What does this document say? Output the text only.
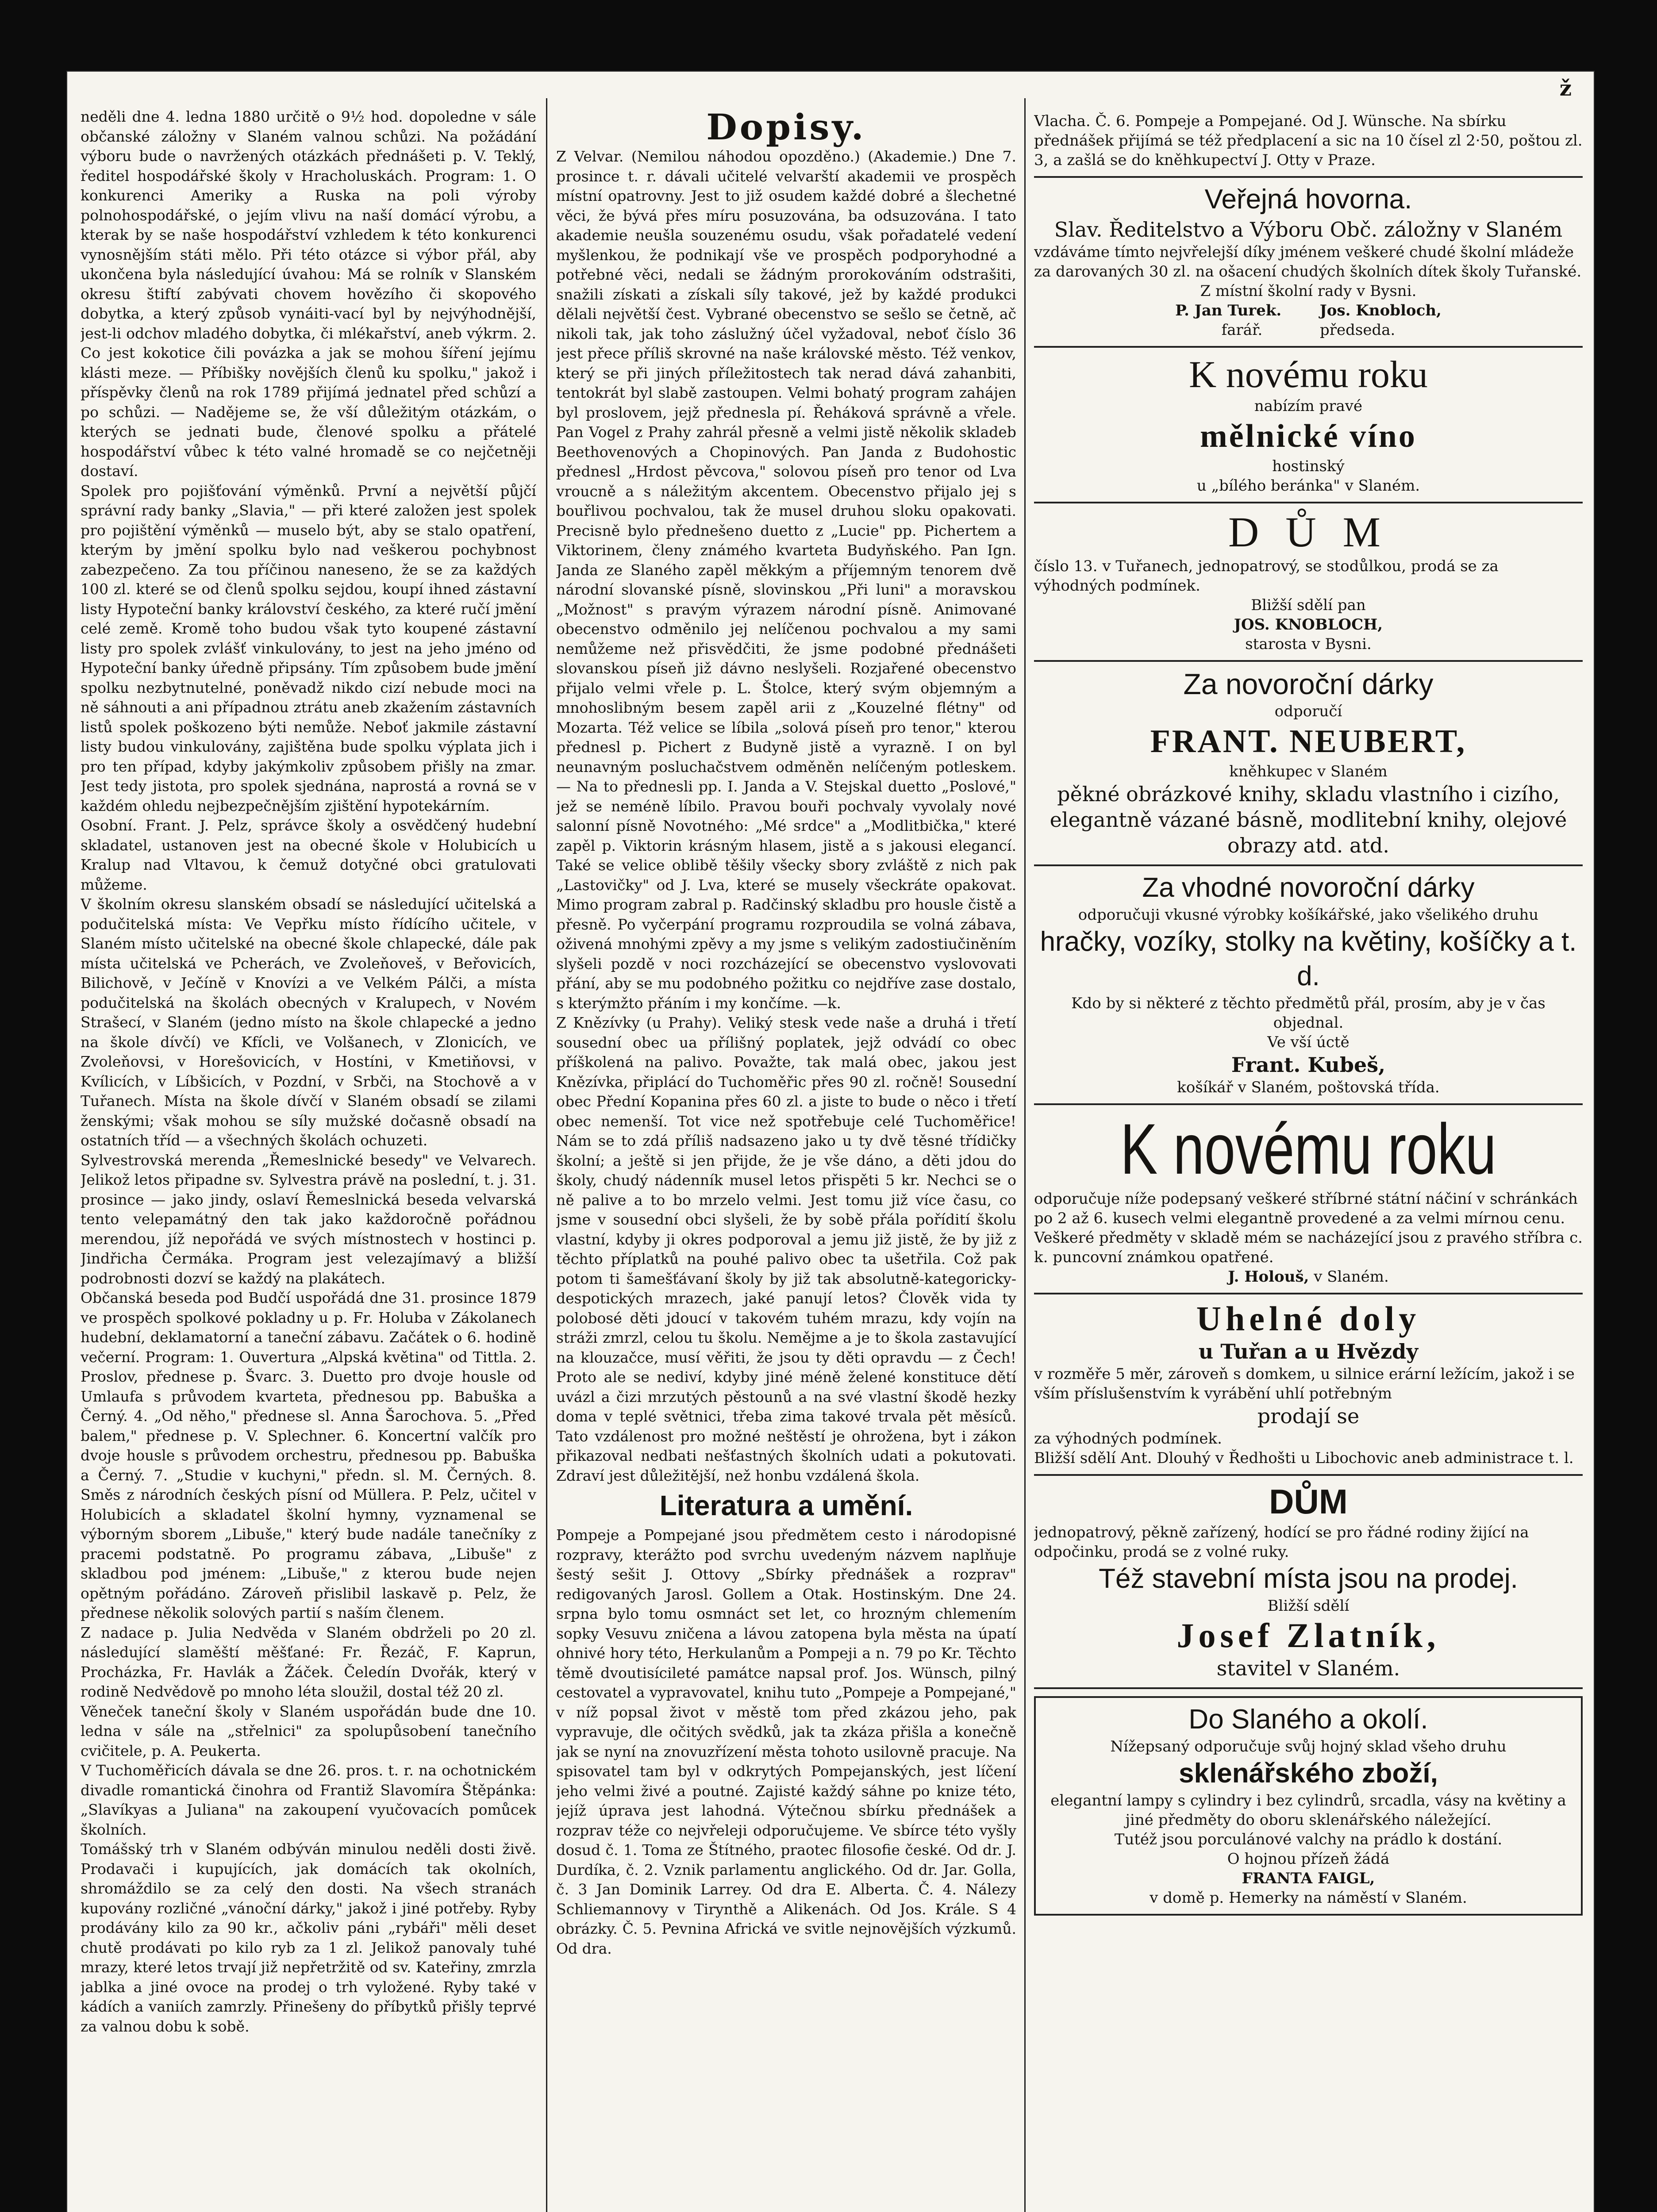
ž

neděli dne 4. ledna 1880 určitě o 9½ hod. dopoledne v sále občanské záložny v Slaném valnou schůzi. Na požádání výboru bude o navržených otázkách přednášeti p. V. Teklý, ředitel hospodářské školy v Hracholuskách. Program: 1. O konkurenci Ameriky a Ruska na poli výroby polnohospodářské, o jejím vlivu na naší domácí výrobu, a kterak by se naše hospodářství vzhledem k této konkurenci vynosnějším státi mělo. Při této otázce si výbor přál, aby ukončena byla následující úvahou: Má se rolník v Slanském okresu štiftí zabývati chovem hovězího či skopového dobytka, a který způsob vynáiti-vací byl by nejvýhodnější, jest-li odchov mladého dobytka, či mlékařství, aneb výkrm. 2. Co jest kokotice čili povázka a jak se mohou šíření jejímu klásti meze. — Příbišky novějších členů ku spolku," jakož i příspěvky členů na rok 1789 přijímá jednatel před schůzí a po schůzi. — Nadějeme se, že vší důležitým otázkám, o kterých se jednati bude, členové spolku a přátelé hospodářství vůbec k této valné hromadě se co nejčetněji dostaví.

Spolek pro pojišťování výměnků. První a největší půjčí správní rady banky „Slavia," — při které založen jest spolek pro pojištění výměnků — muselo být, aby se stalo opatření, kterým by jmění spolku bylo nad veškerou pochybnost zabezpečeno. Za tou příčinou naneseno, že se za každých 100 zl. které se od členů spolku sejdou, koupí ihned zástavní listy Hypoteční banky království českého, za které ručí jmění celé země. Kromě toho budou však tyto koupené zástavní listy pro spolek zvlášť vinkulovány, to jest na jeho jméno od Hypoteční banky úředně připsány. Tím způsobem bude jmění spolku nezbytnutelné, poněvadž nikdo cizí nebude moci na ně sáhnouti a ani případnou ztrátu aneb zkažením zástavních listů spolek poškozeno býti nemůže. Neboť jakmile zástavní listy budou vinkulovány, zajištěna bude spolku výplata jich i pro ten případ, kdyby jakýmkoliv způsobem přišly na zmar. Jest tedy jistota, pro spolek sjednána, naprostá a rovná se v každém ohledu nejbezpečnějším zjištění hypotekárním.

Osobní. Frant. J. Pelz, správce školy a osvědčený hudební skladatel, ustanoven jest na obecné škole v Holubicích u Kralup nad Vltavou, k čemuž dotyčné obci gratulovati můžeme.

V školním okresu slanském obsadí se následující učitelská a podučitelská místa: Ve Vepřku místo řídícího učitele, v Slaném místo učitelské na obecné škole chlapecké, dále pak místa učitelská ve Pcherách, ve Zvoleňoveš, v Beřovicích, Bilichově, v Ječíně v Knovízi a ve Velkém Pálči, a místa podučitelská na školách obecných v Kralupech, v Novém Strašecí, v Slaném (jedno místo na škole chlapecké a jedno na škole dívčí) ve Kfícli, ve Volšanech, v Zlonicích, ve Zvoleňovsi, v Horešovicích, v Hostíni, v Kmetiňovsi, v Kvílicích, v Líbšicích, v Pozdní, v Srbči, na Stochově a v Tuřanech. Místa na škole dívčí v Slaném obsadí se zilami ženskými; však mohou se síly mužské dočasně obsadí na ostatních tříd — a všechných školách ochuzeti.

Sylvestrovská merenda „Řemeslnické besedy" ve Velvarech. Jelikož letos připadne sv. Sylvestra právě na poslední, t. j. 31. prosince — jako jindy, oslaví Řemeslnická beseda velvarská tento velepamátný den tak jako každoročně pořádnou merendou, jíž nepořádá ve svých místnostech v hostinci p. Jindřicha Čermáka. Program jest velezajímavý a bližší podrobnosti dozví se každý na plakátech.

Občanská beseda pod Budčí uspořádá dne 31. prosince 1879 ve prospěch spolkové pokladny u p. Fr. Holuba v Zákolanech hudební, deklamatorní a taneční zábavu. Začátek o 6. hodině večerní. Program: 1. Ouvertura „Alpská květina" od Tittla. 2. Proslov, přednese p. Švarc. 3. Duetto pro dvoje housle od Umlaufa s průvodem kvarteta, přednesou pp. Babuška a Černý. 4. „Od něho," přednese sl. Anna Šarochova. 5. „Před balem," přednese p. V. Splechner. 6. Koncertní valčík pro dvoje housle s průvodem orchestru, přednesou pp. Babuška a Černý. 7. „Studie v kuchyni," předn. sl. M. Černých. 8. Směs z národních českých písní od Müllera. P. Pelz, učitel v Holubicích a skladatel školní hymny, vyznamenal se výborným sborem „Libuše," který bude nadále tanečníky z pracemi podstatně. Po programu zábava, „Libuše" z skladbou pod jménem: „Libuše," z kterou bude nejen opětným pořádáno. Zároveň přislibil laskavě p. Pelz, že přednese několik solových partií s naším členem.

Z nadace p. Julia Nedvěda v Slaném obdrželi po 20 zl. následující slaměští měšťané: Fr. Řezáč, F. Kaprun, Procházka, Fr. Havlák a Žáček. Čeledín Dvořák, který v rodině Nedvědově po mnoho léta sloužil, dostal též 20 zl.

Věneček taneční školy v Slaném uspořádán bude dne 10. ledna v sále na „střelnici" za spolupůsobení tanečního cvičitele, p. A. Peukerta.

V Tuchoměřicích dávala se dne 26. pros. t. r. na ochotnickém divadle romantická činohra od Frantiž Slavomíra Štěpánka: „Slavíkyas a Juliana" na zakoupení vyučovacích pomůcek školních.

Tomášský trh v Slaném odbýván minulou neděli dosti živě. Prodavači i kupujících, jak domácích tak okolních, shromáždilo se za celý den dosti. Na všech stranách kupovány rozličné „vánoční dárky," jakož i jiné potřeby. Ryby prodávány kilo za 90 kr., ačkoliv páni „rybáři" měli deset chutě prodávati po kilo ryb za 1 zl. Jelikož panovaly tuhé mrazy, které letos trvají již nepřetržitě od sv. Kateřiny, zmrzla jablka a jiné ovoce na prodej o trh vyložené. Ryby také v kádích a vaniích zamrzly. Přinešeny do příbytků přišly teprvé za valnou dobu k sobě.

Dopisy.

Z Velvar. (Nemilou náhodou opozděno.) (Akademie.) Dne 7. prosince t. r. dávali učitelé velvarští akademii ve prospěch místní opatrovny. Jest to již osudem každé dobré a šlechetné věci, že bývá přes míru posuzována, ba odsuzována. I tato akademie neušla souzenému osudu, však pořadatelé vedení myšlenkou, že podnikají vše ve prospěch podporyhodné a potřebné věci, nedali se žádným prorokováním odstrašiti, snažili získati a získali síly takové, jež by každé produkci dělali největší čest. Vybrané obecenstvo se sešlo se četně, ač nikoli tak, jak toho záslužný účel vyžadoval, neboť číslo 36 jest přece příliš skrovné na naše královské město. Též venkov, který se při jiných příležitostech tak nerad dává zahanbiti, tentokrát byl slabě zastoupen. Velmi bohatý program zahájen byl proslovem, jejž přednesla pí. Řeháková správně a vřele. Pan Vogel z Prahy zahrál přesně a velmi jistě několik skladeb Beethovenových a Chopinových. Pan Janda z Budohostic přednesl „Hrdost pěvcova," solovou píseň pro tenor od Lva vroucně a s náležitým akcentem. Obecenstvo přijalo jej s bouřlivou pochvalou, tak že musel druhou sloku opakovati. Precisně bylo přednešeno duetto z „Lucie" pp. Pichertem a Viktorinem, členy známého kvarteta Budyňského. Pan Ign. Janda ze Slaného zapěl měkkým a příjemným tenorem dvě národní slovanské písně, slovinskou „Při luni" a moravskou „Možnost" s pravým výrazem národní písně. Animované obecenstvo odměnilo jej nelíčenou pochvalou a my sami nemůžeme než přisvědčiti, že jsme podobné přednášeti slovanskou píseň již dávno neslyšeli. Rozjařené obecenstvo přijalo velmi vřele p. L. Štolce, který svým objemným a mnohoslibným besem zapěl arii z „Kouzelné flétny" od Mozarta. Též velice se líbila „solová píseň pro tenor," kterou přednesl p. Pichert z Budyně jistě a vyrazně. I on byl neunavným posluchačstvem odměněn nelíčeným potleskem. — Na to přednesli pp. I. Janda a V. Stejskal duetto „Poslové," jež se neméně líbilo. Pravou bouři pochvaly vyvolaly nové salonní písně Novotného: „Mé srdce" a „Modlitbička," které zapěl p. Viktorin krásným hlasem, jistě a s jakousi elegancí. Také se velice oblibě těšily všecky sbory zvláště z nich pak „Lastovičky" od J. Lva, které se musely všeckráte opakovat. Mimo program zabral p. Radčinský skladbu pro housle čistě a přesně. Po vyčerpání programu rozproudila se volná zábava, oživená mnohými zpěvy a my jsme s velikým zadostiučiněním slyšeli pozdě v noci rozcházející se obecenstvo vyslovovati přání, aby se mu podobného požitku co nejdříve zase dostalo, s kterýmžto přáním i my končíme. —k.

Z Knězívky (u Prahy). Veliký stesk vede naše a druhá i třetí sousední obec ua přílišný poplatek, jejž odvádí co obec příškolená na palivo. Považte, tak malá obec, jakou jest Knězívka, připlácí do Tuchoměřic přes 90 zl. ročně! Sousední obec Přední Kopanina přes 60 zl. a jiste to bude o něco i třetí obec nemenší. Tot vice než spotřebuje celé Tuchoměřice! Nám se to zdá příliš nadsazeno jako u ty dvě těsné třídičky školní; a ještě si jen přijde, že je vše dáno, a děti jdou do školy, chudý nádenník musel letos přispěti 5 kr. Nechci se o ně palive a to bo mrzelo velmi. Jest tomu již více času, co jsme v sousední obci slyšeli, že by sobě přála pořídití školu vlastní, kdyby ji okres podporoval a jemu již jistě, že by již z těchto příplatků na pouhé palivo obec ta ušetřila. Což pak potom ti šamešťávaní školy by již tak absolutně-kategoricky-despotických mrazech, jaké panují letos? Člověk vida ty polobosé děti jdoucí v takovém tuhém mrazu, kdy vojín na stráži zmrzl, celou tu školu. Nemějme a je to škola zastavující na klouzačce, musí věřiti, že jsou ty děti opravdu — z Čech! Proto ale se nediví, kdyby jiné méně želené konstituce dětí uvázl a čizi mrzutých pěstounů a na své vlastní škodě hezky doma v teplé světnici, třeba zima takové trvala pět měsíců. Tato vzdálenost pro možné neštěstí je ohrožena, byt i zákon přikazoval nedbati nešťastných školních udati a pokutovati. Zdraví jest důležitější, než honbu vzdálená škola.

Literatura a umění.

Pompeje a Pompejané jsou předmětem cesto i národopisné rozpravy, kterážto pod svrchu uvedeným názvem naplňuje šestý sešit J. Ottovy „Sbírky přednášek a rozprav" redigovaných Jarosl. Gollem a Otak. Hostinským. Dne 24. srpna bylo tomu osmnáct set let, co hrozným chlemením sopky Vesuvu zničena a lávou zatopena byla města na úpatí ohnivé hory této, Herkulanům a Pompeji a n. 79 po Kr. Těchto těmě dvoutisícileté památce napsal prof. Jos. Wünsch, pilný cestovatel a vypravovatel, knihu tuto „Pompeje a Pompejané," v níž popsal život v městě tom před zkázou jeho, pak vypravuje, dle očitých svědků, jak ta zkáza přišla a konečně jak se nyní na znovuzřízení města tohoto usilovně pracuje. Na spisovatel tam byl v odkrytých Pompejanských, jest líčení jeho velmi živé a poutné. Zajisté každý sáhne po knize této, jejíž úprava jest lahodná. Výtečnou sbírku přednášek a rozprav téže co nejvřeleji odporučujeme. Ve sbírce této vyšly dosud č. 1. Toma ze Štítného, praotec filosofie české. Od dr. J. Durdíka, č. 2. Vznik parlamentu anglického. Od dr. Jar. Golla, č. 3 Jan Dominik Larrey. Od dra E. Alberta. Č. 4. Nálezy Schliemannovy v Tirynthě a Alikenách. Od Jos. Krále. S 4 obrázky. Č. 5. Pevnina Africká ve svitle nejnovějších výzkumů. Od dra.

Vlacha. Č. 6. Pompeje a Pompejané. Od J. Wünsche. Na sbírku přednášek přijímá se též předplacení a sic na 10 čísel zl 2·50, poštou zl. 3, a zašlá se do kněhkupectví J. Otty v Praze.

Veřejná hovorna.

Slav. Ředitelstvo a Výboru Obč. záložny v Slaném

vzdáváme tímto nejvřelejší díky jménem veškeré chudé školní mládeže za darovaných 30 zl. na ošacení chudých školních dítek školy Tuřanské.

Z místní školní rady v Bysni.

P. Jan Turek.	Jos. Knobloch,

farář.	předseda.

K novému roku

nabízím pravé

mělnické víno

hostinský

u „bílého beránka" v Slaném.

D Ů M

číslo 13. v Tuřanech, jednopatrový, se stodůlkou, prodá se za výhodných podmínek.

Bližší sdělí pan

JOS. KNOBLOCH,

starosta v Bysni.

Za novoroční dárky

odporučí

FRANT. NEUBERT,

kněhkupec v Slaném

pěkné obrázkové knihy, skladu vlastního i cizího, elegantně vázané básně, modlitební knihy, olejové obrazy atd. atd.

Za vhodné novoroční dárky

odporučuji vkusné výrobky košíkářské, jako všelikého druhu

hračky, vozíky, stolky na květiny, košíčky a t. d.

Kdo by si některé z těchto předmětů přál, prosím, aby je v čas objednal.

Ve vší úctě

Frant. Kubeš,

košíkář v Slaném, poštovská třída.

K novému roku

odporučuje níže podepsaný veškeré stříbrné státní náčiní v schránkách po 2 až 6. kusech velmi elegantně provedené a za velmi mírnou cenu. Veškeré předměty v skladě mém se nacházející jsou z pravého stříbra c. k. puncovní známkou opatřené.

J. Holouš, v Slaném.

Uhelné doly

u Tuřan a u Hvězdy

v rozměře 5 měr, zároveň s domkem, u silnice erární ležícím, jakož i se vším příslušenstvím k vyrábění uhlí potřebným

prodají se

za výhodných podmínek.

Bližší sdělí Ant. Dlouhý v Ředhošti u Libochovic aneb administrace t. l.

DŮM

jednopatrový, pěkně zařízený, hodící se pro řádné rodiny žijící na odpočinku, prodá se z volné ruky.

Též stavební místa jsou na prodej.

Bližší sdělí

Josef Zlatník,

stavitel v Slaném.

Do Slaného a okolí.

Nížepsaný odporučuje svůj hojný sklad všeho druhu

sklenářského zboží,

elegantní lampy s cylindry i bez cylindrů, srcadla, vásy na květiny a jiné předměty do oboru sklenářského náležející.

Tutéž jsou porculánové valchy na prádlo k dostání.

O hojnou přízeň žádá

FRANTA FAIGL,

v domě p. Hemerky na náměstí v Slaném.
